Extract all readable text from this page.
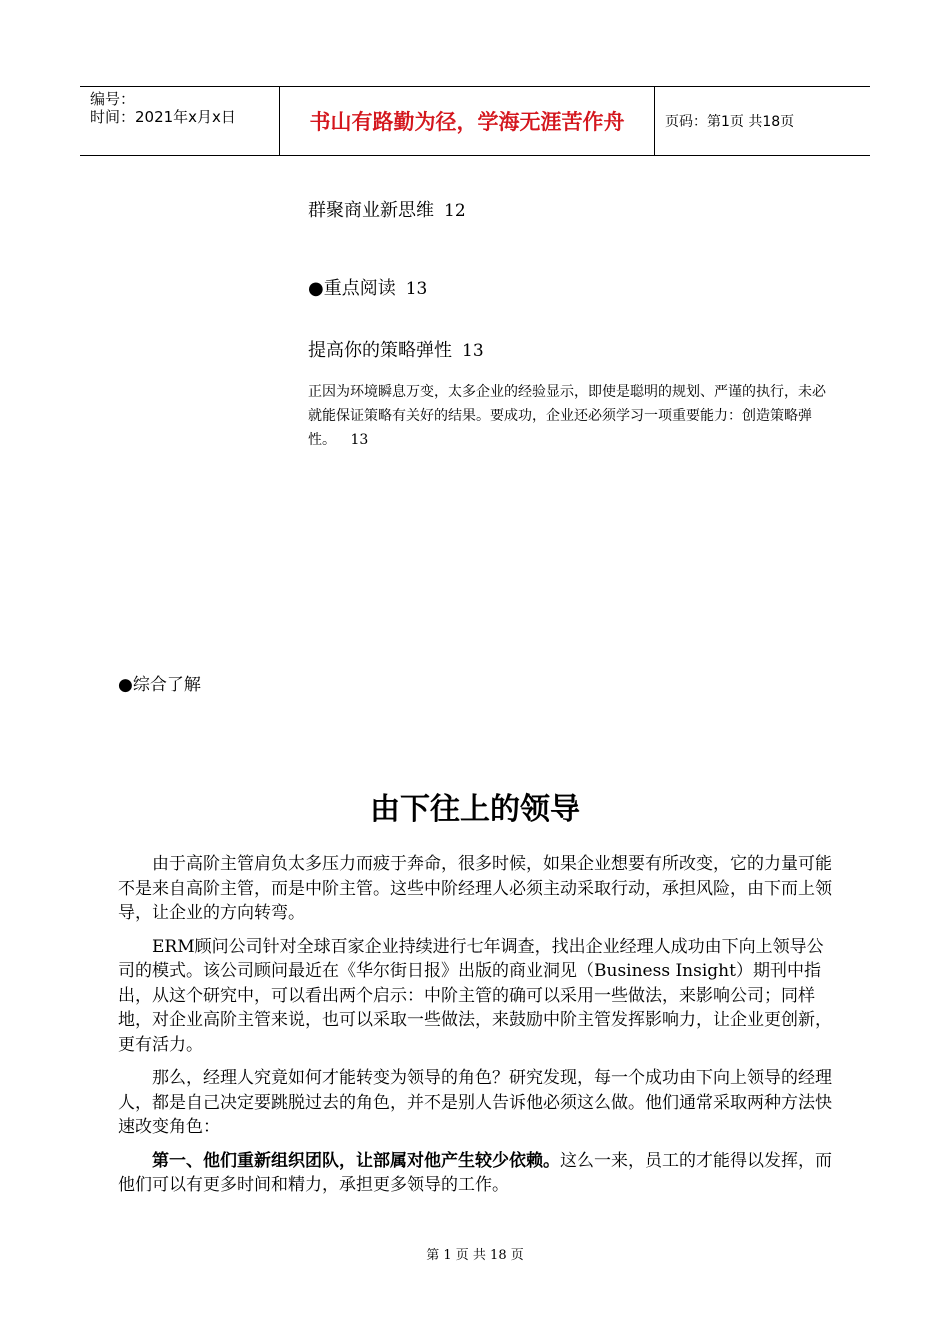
编号：
时间：2021年x月x日	书山有路勤为径，学海无涯苦作舟	页码：第1页 共18页
群聚商业新思维 12
●重点阅读 13
提高你的策略弹性 13
正因为环境瞬息万变，太多企业的经验显示，即使是聪明的规划、严谨的执行，未必就能保证策略有关好的结果。要成功，企业还必须学习一项重要能力：创造策略弹性。 13
●综合了解
由下往上的领导

由于高阶主管肩负太多压力而疲于奔命，很多时候，如果企业想要有所改变，它的力量可能不是来自高阶主管，而是中阶主管。这些中阶经理人必须主动采取行动，承担风险，由下而上领导，让企业的方向转弯。

ERM顾问公司针对全球百家企业持续进行七年调查，找出企业经理人成功由下向上领导公司的模式。该公司顾问最近在《华尔街日报》出版的商业洞见（Business Insight）期刊中指出，从这个研究中，可以看出两个启示：中阶主管的确可以采用一些做法，来影响公司；同样地，对企业高阶主管来说，也可以采取一些做法，来鼓励中阶主管发挥影响力，让企业更创新，更有活力。

那么，经理人究竟如何才能转变为领导的角色？研究发现，每一个成功由下向上领导的经理人，都是自己决定要跳脱过去的角色，并不是别人告诉他必须这么做。他们通常采取两种方法快速改变角色：

第一、他们重新组织团队，让部属对他产生较少依赖。这么一来，员工的才能得以发挥，而他们可以有更多时间和精力，承担更多领导的工作。

第 1 页 共 18 页
